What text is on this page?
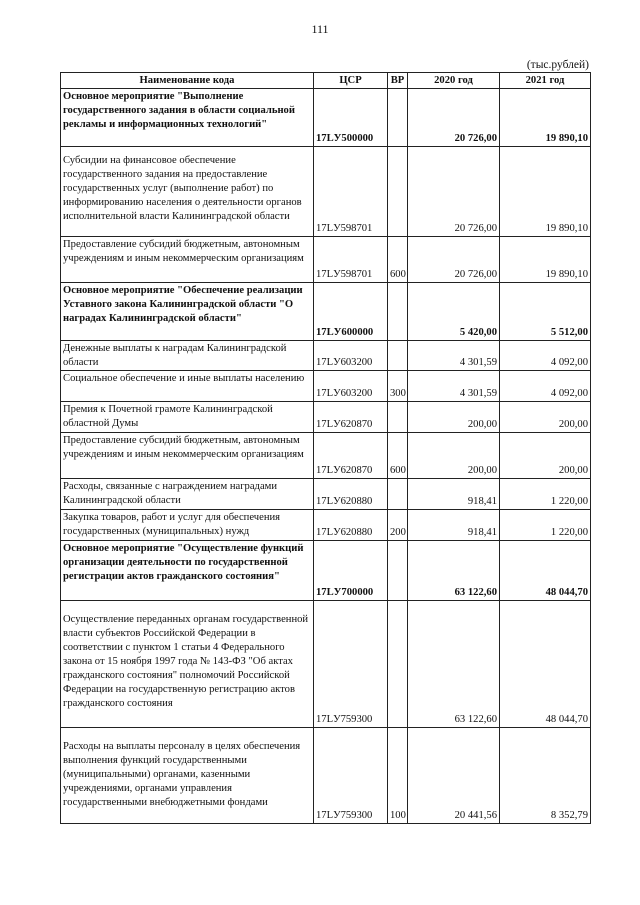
111
(тыс.рублей)
Наименование кода	ЦСР	ВР	2020 год	2021 год
Основное мероприятие "Выполнение государственного задания в области социальной рекламы и информационных технологий"	17LУ500000		20 726,00	19 890,10
Субсидии на финансовое обеспечение государственного задания на предоставление государственных услуг (выполнение работ) по информированию населения о деятельности органов исполнительной власти Калининградской области	17LУ598701		20 726,00	19 890,10
Предоставление субсидий бюджетным, автономным учреждениям и иным некоммерческим организациям	17LУ598701	600	20 726,00	19 890,10
Основное мероприятие "Обеспечение реализации Уставного закона Калининградской области "О наградах Калининградской области"	17LУ600000		5 420,00	5 512,00
Денежные выплаты к наградам Калининградской области	17LУ603200		4 301,59	4 092,00
Социальное обеспечение и иные выплаты населению	17LУ603200	300	4 301,59	4 092,00
Премия к Почетной грамоте Калининградской областной Думы	17LУ620870		200,00	200,00
Предоставление субсидий бюджетным, автономным учреждениям и иным некоммерческим организациям	17LУ620870	600	200,00	200,00
Расходы, связанные с награждением наградами Калининградской области	17LУ620880		918,41	1 220,00
Закупка товаров, работ и услуг для обеспечения государственных (муниципальных) нужд	17LУ620880	200	918,41	1 220,00
Основное мероприятие "Осуществление функций организации деятельности по государственной регистрации актов гражданского состояния"	17LУ700000		63 122,60	48 044,70
Осуществление переданных органам государственной власти субъектов Российской Федерации в соответствии с пунктом 1 статьи 4 Федерального закона от 15 ноября 1997 года № 143-ФЗ "Об актах гражданского состояния" полномочий Российской Федерации на государственную регистрацию актов гражданского состояния	17LУ759300		63 122,60	48 044,70
Расходы на выплаты персоналу в целях обеспечения выполнения функций государственными (муниципальными) органами, казенными учреждениями, органами управления государственными внебюджетными фондами	17LУ759300	100	20 441,56	8 352,79
